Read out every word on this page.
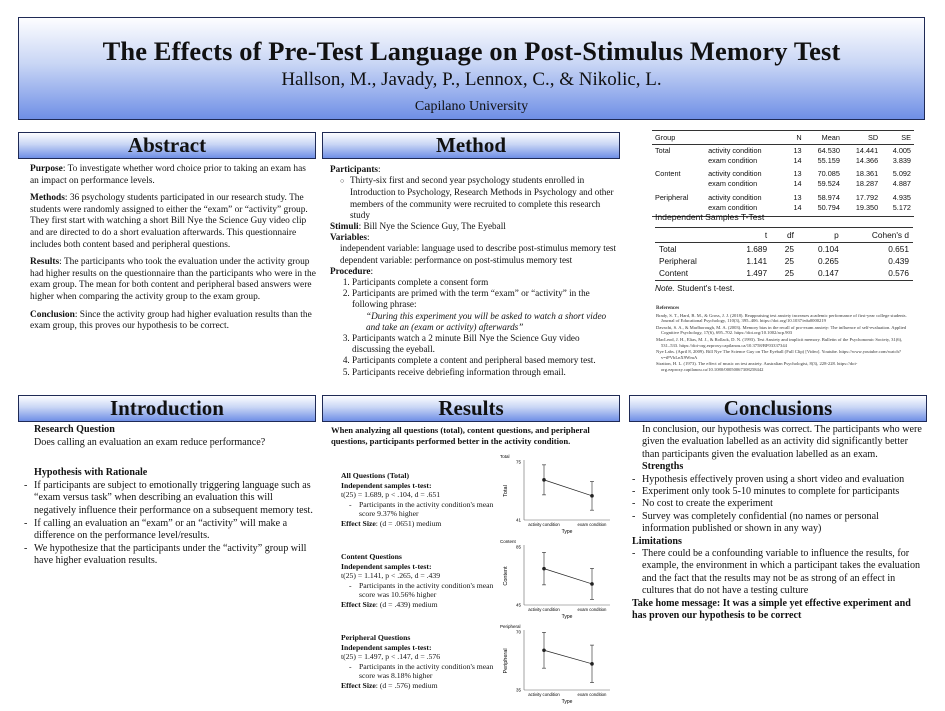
The Effects of Pre-Test Language on Post-Stimulus Memory Test
Hallson, M., Javady, P., Lennox, C., & Nikolic, L.
Capilano University
Abstract

Purpose: To investigate whether word choice prior to taking an exam has an impact on performance levels.

Methods: 36 psychology students participated in our research study. The students were randomly assigned to either the “exam” or “activity” group. They first start with watching a short Bill Nye the Science Guy video clip and are directed to do a short evaluation afterwards. This questionnaire includes both content based and peripheral questions.

Results: The participants who took the evaluation under the activity group had higher results on the questionnaire than the participants who were in the exam group. The mean for both content and peripheral based answers were higher when comparing the activity group to the exam group.

Conclusion: Since the activity group had higher evaluation results than the exam group, this proves our hypothesis to be correct.

Method
Participants:
○ Thirty-six first and second year psychology students enrolled in Introduction to Psychology, Research Methods in Psychology and other members of the community were recruited to complete this research study
Stimuli: Bill Nye the Science Guy, The Eyeball
Variables:
independent variable: language used to describe post-stimulus memory test
dependent variable: performance on post-stimulus memory test
Procedure:
1. Participants complete a consent form
2. Participants are primed with the term “exam” or “activity” in the following phrase:
“During this experiment you will be asked to watch a short video and take an (exam or activity) afterwards”
3. Participants watch a 2 minute Bill Nye the Science Guy video discussing the eyeball.
4. Participants complete a content and peripheral based memory test.
5. Participants receive debriefing information through email.
Group		N	Mean	SD	SE
Total	activity condition	13	64.530	14.441	4.005
	exam condition	14	55.159	14.366	3.839
Content	activity condition	13	70.085	18.361	5.092
	exam condition	14	59.524	18.287	4.887
Peripheral	activity condition	13	58.974	17.792	4.935
	exam condition	14	50.794	19.350	5.172
Independent Samples T-Test
	t	df	p	Cohen's d
Total	1.689	25	0.104	0.651
Peripheral	1.141	25	0.265	0.439
Content	1.497	25	0.147	0.576
Note. Student's t-test.
References

Brady, S. T., Hard, B. M., & Gross, J. J. (2018). Reappraising test anxiety increases academic performance of first-year college students. Journal of Educational Psychology, 110(3), 395–406. https://doi.org/10.1037/edu0000219

Davachi, S. A., & Marlborough, M. A. (2003). Memory bias in the recall of pro-exam anxiety: The influence of self-evaluation. Applied Cognitive Psychology, 17(6), 695–702. https://doi.org/10.1002/acp.903

MacLeod, J. H., Elias, M. J., & Rollack, D. N. (1993). Test Anxiety and implicit memory. Bulletin of the Psychonomic Society, 31(6), 531–533. https://doi-org.ezproxy.capilanou.ca/10.3758/BF03337344

Nye Labs. (April 8, 2009). Bill Nye The Science Guy on The Eyeball (Full Clip) [Video]. Youtube. https://www.youtube.com/watch?v=tPVbLnX9WmA

Stratton, H. L. (1973). The effect of music on test anxiety. Australian Psychologist, 8(3), 228-228. https://doi-org.ezproxy.capilanou.ca/10.1080/00050067308258442

Introduction
Research Question
Does calling an evaluation an exam reduce performance?
Hypothesis with Rationale
- If participants are subject to emotionally triggering language such as “exam versus task” when describing an evaluation this will negatively influence their performance on a subsequent memory test.
- If calling an evaluation an “exam” or an “activity” will make a difference on the performance level/results.
- We hypothesize that the participants under the “activity” group will have higher evaluation results.
Results
When analyzing all questions (total), content questions, and peripheral questions, participants performed better in the activity condition.
All Questions (Total)
Independent samples t-test:
t(25) = 1.689, p < .104, d = .651
- Participants in the activity condition's mean score 9.37% higher
Effect Size: (d = .0651) medium
Content Questions
Independent samples t-test:
t(25) = 1.141, p < .265, d = .439
- Participants in the activity condition's mean score was 10.56% higher
Effect Size: (d = .439) medium
Peripheral Questions
Independent samples t-test:
t(25) = 1.497, p < .147, d = .576
- Participants in the activity condition's mean score was 8.18% higher
Effect Size: (d = .576) medium
Total
41
75
Total
activity condition	exam condition
Type
Content
45
85
Content
activity condition	exam condition
Type
Peripheral
35
70
Peripheral
activity condition	exam condition
Type
Conclusions
In conclusion, our hypothesis was correct. The participants who were given the evaluation labelled as an activity did significantly better than participants given the evaluation labelled as an exam.
Strengths
- Hypothesis effectively proven using a short video and evaluation
- Experiment only took 5-10 minutes to complete for participants
- No cost to create the experiment
- Survey was completely confidential (no names or personal information published or shown in any way)
Limitations
- There could be a confounding variable to influence the results, for example, the environment in which a participant takes the evaluation and the fact that the results may not be as strong of an effect in cultures that do not have a testing culture
Take home message: It was a simple yet effective experiment and has proven our hypothesis to be correct
